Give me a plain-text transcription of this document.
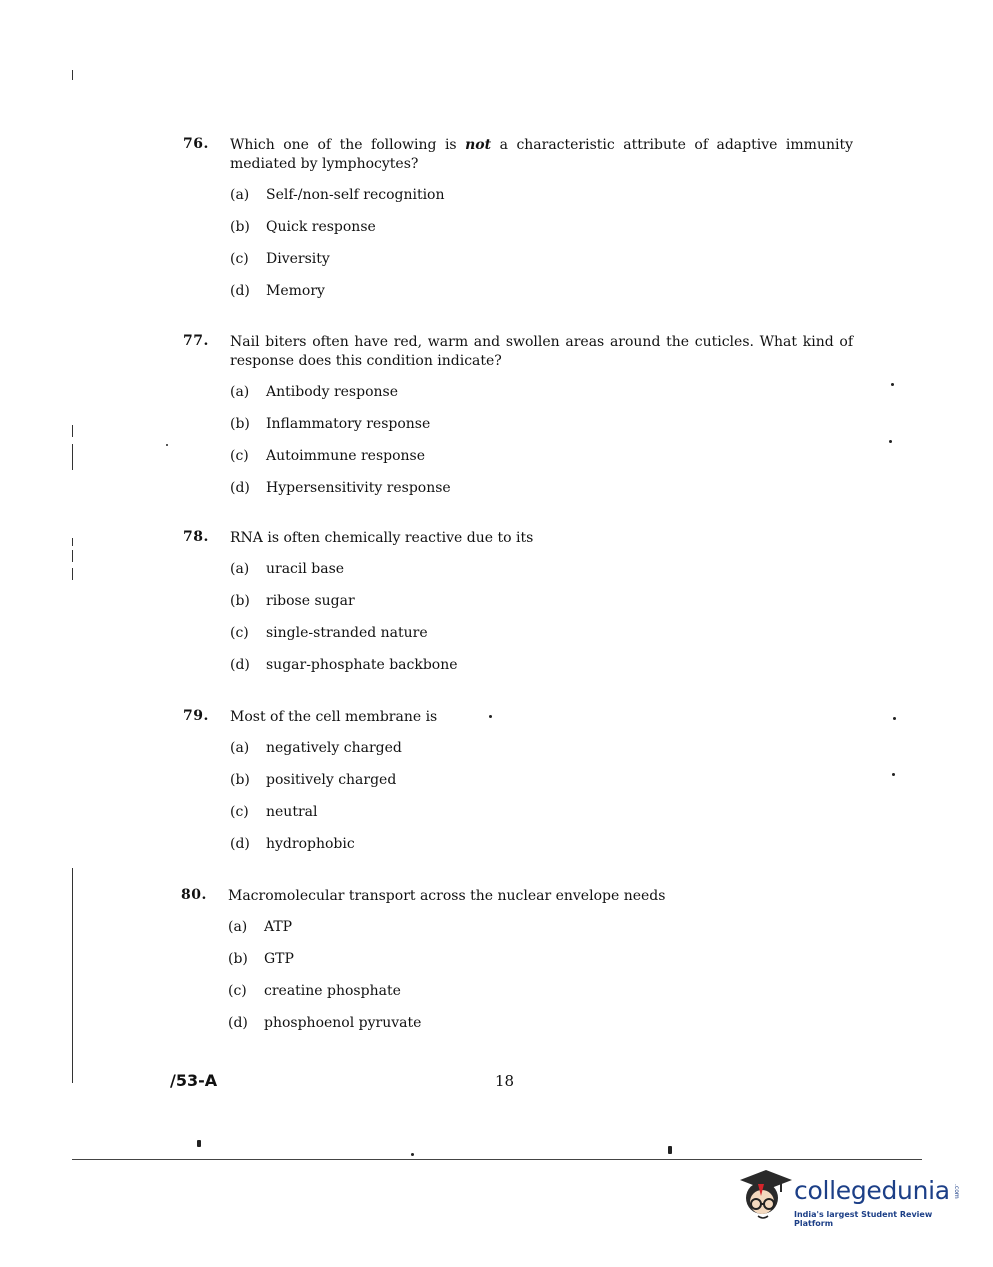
76. Which one of the following is not a characteristic attribute of adaptive immunity mediated by lymphocytes?
(a) Self-/non-self recognition
(b) Quick response
(c) Diversity
(d) Memory
77. Nail biters often have red, warm and swollen areas around the cuticles. What kind of response does this condition indicate?
(a) Antibody response
(b) Inflammatory response
(c) Autoimmune response
(d) Hypersensitivity response
78. RNA is often chemically reactive due to its
(a) uracil base
(b) ribose sugar
(c) single-stranded nature
(d) sugar-phosphate backbone
79. Most of the cell membrane is
(a) negatively charged
(b) positively charged
(c) neutral
(d) hydrophobic
80. Macromolecular transport across the nuclear envelope needs
(a) ATP
(b) GTP
(c) creatine phosphate
(d) phosphoenol pyruvate
/53-A	18
collegedunia .com
India's largest Student Review Platform
